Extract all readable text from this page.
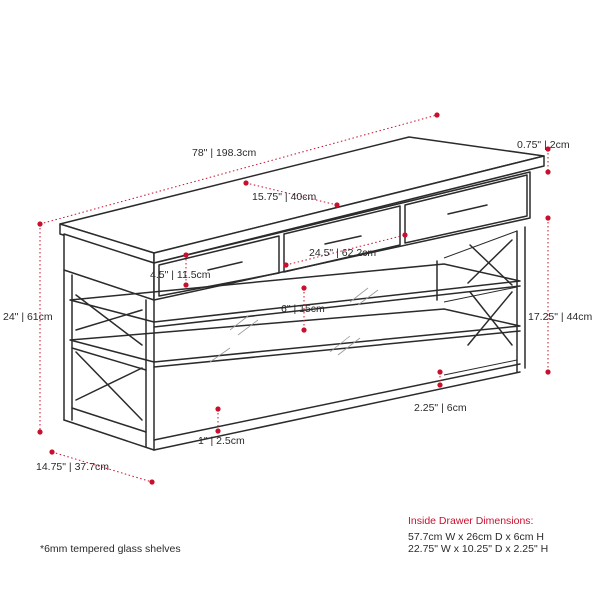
78" | 198.3cm
0.75" | 2cm
15.75" | 40cm
4.5" | 11.5cm
24.5" | 62.2cm
6" | 15cm
24" | 61cm	17.25" | 44cm
2.25" | 6cm
1" | 2.5cm
14.75" | 37.7cm
*6mm tempered glass shelves
Inside Drawer Dimensions:
57.7cm W x 26cm D x 6cm H
22.75" W x 10.25" D x 2.25" H
